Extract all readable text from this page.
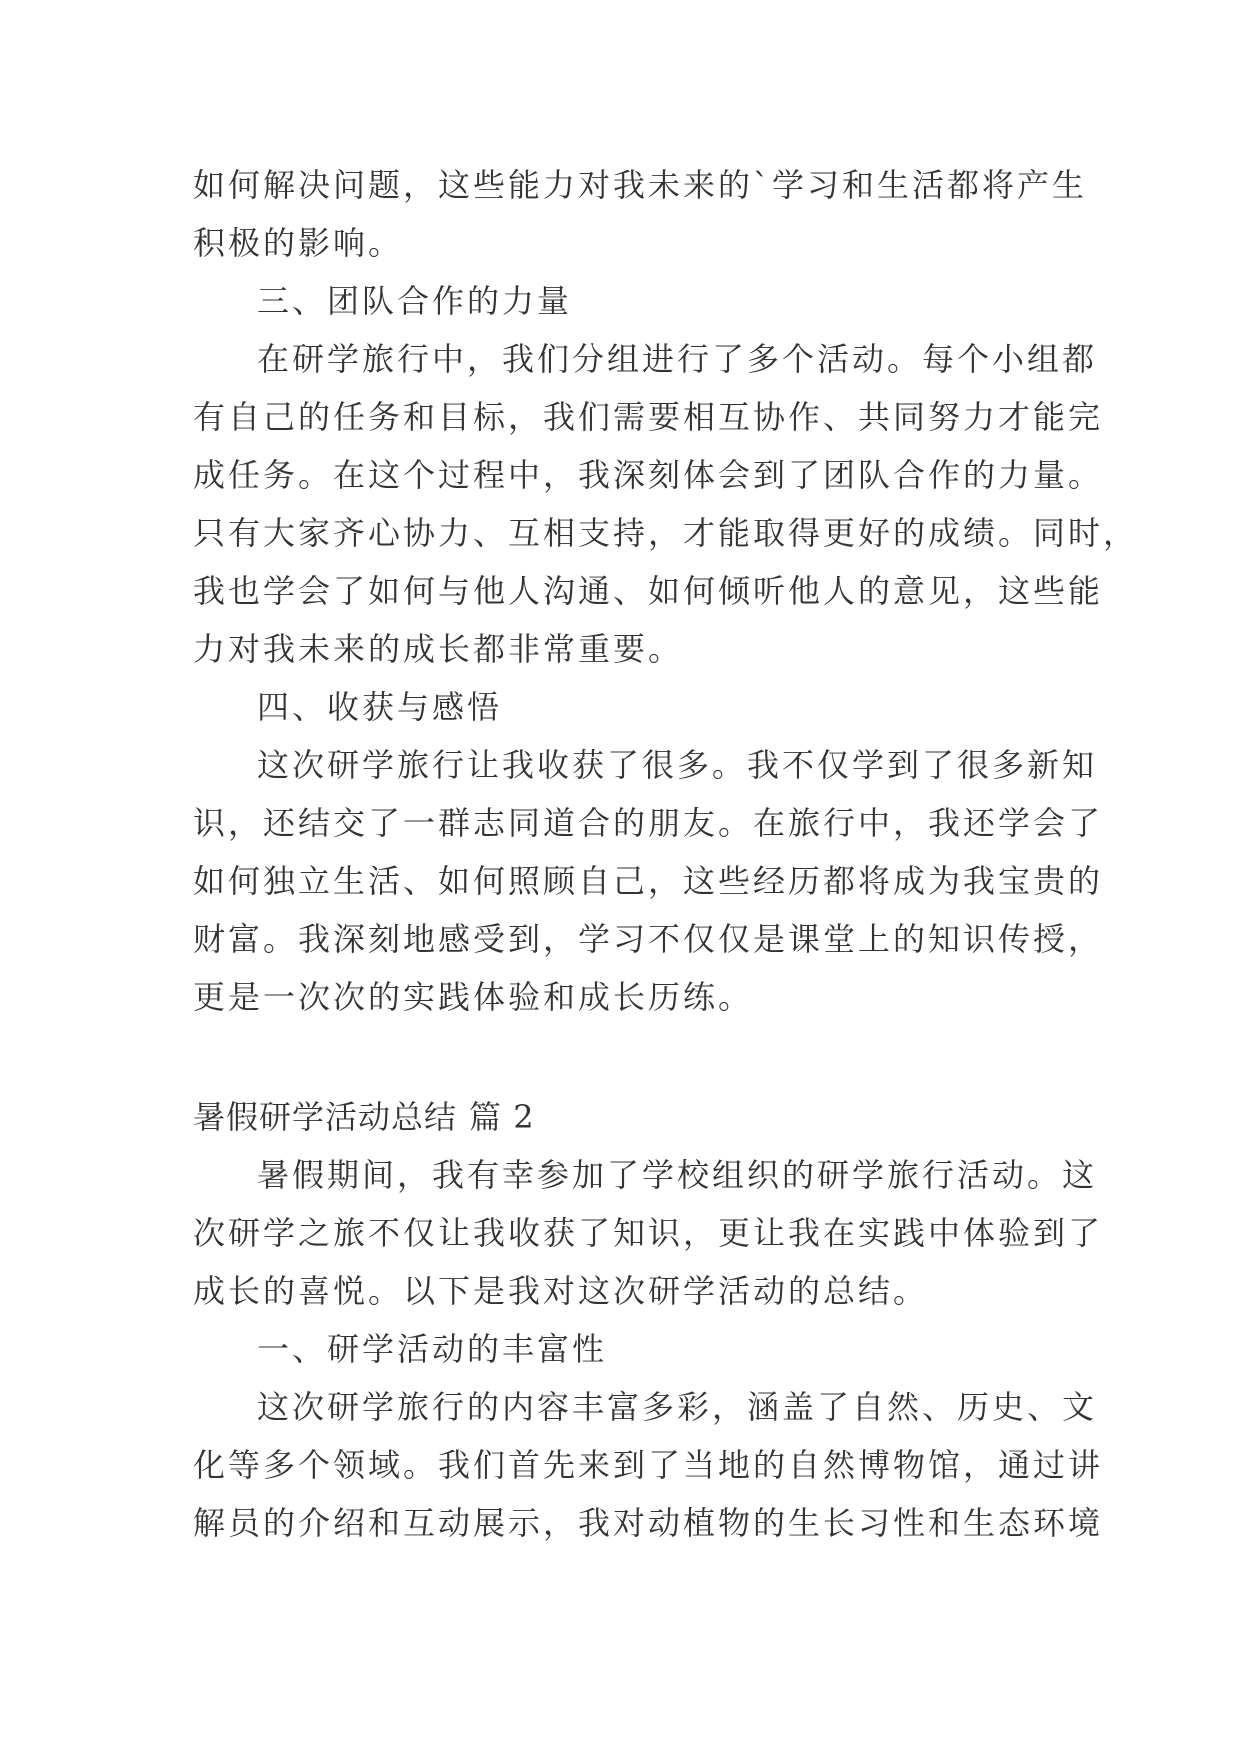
如何解决问题，这些能力对我未来的`学习和生活都将产生
积极的影响。
三、团队合作的力量
在研学旅行中，我们分组进行了多个活动。每个小组都
有自己的任务和目标，我们需要相互协作、共同努力才能完
成任务。在这个过程中，我深刻体会到了团队合作的力量。
只有大家齐心协力、互相支持，才能取得更好的成绩。同时，
我也学会了如何与他人沟通、如何倾听他人的意见，这些能
力对我未来的成长都非常重要。
四、收获与感悟
这次研学旅行让我收获了很多。我不仅学到了很多新知
识，还结交了一群志同道合的朋友。在旅行中，我还学会了
如何独立生活、如何照顾自己，这些经历都将成为我宝贵的
财富。我深刻地感受到，学习不仅仅是课堂上的知识传授，
更是一次次的实践体验和成长历练。
暑假研学活动总结 篇 2
暑假期间，我有幸参加了学校组织的研学旅行活动。这
次研学之旅不仅让我收获了知识，更让我在实践中体验到了
成长的喜悦。以下是我对这次研学活动的总结。
一、研学活动的丰富性
这次研学旅行的内容丰富多彩，涵盖了自然、历史、文
化等多个领域。我们首先来到了当地的自然博物馆，通过讲
解员的介绍和互动展示，我对动植物的生长习性和生态环境
